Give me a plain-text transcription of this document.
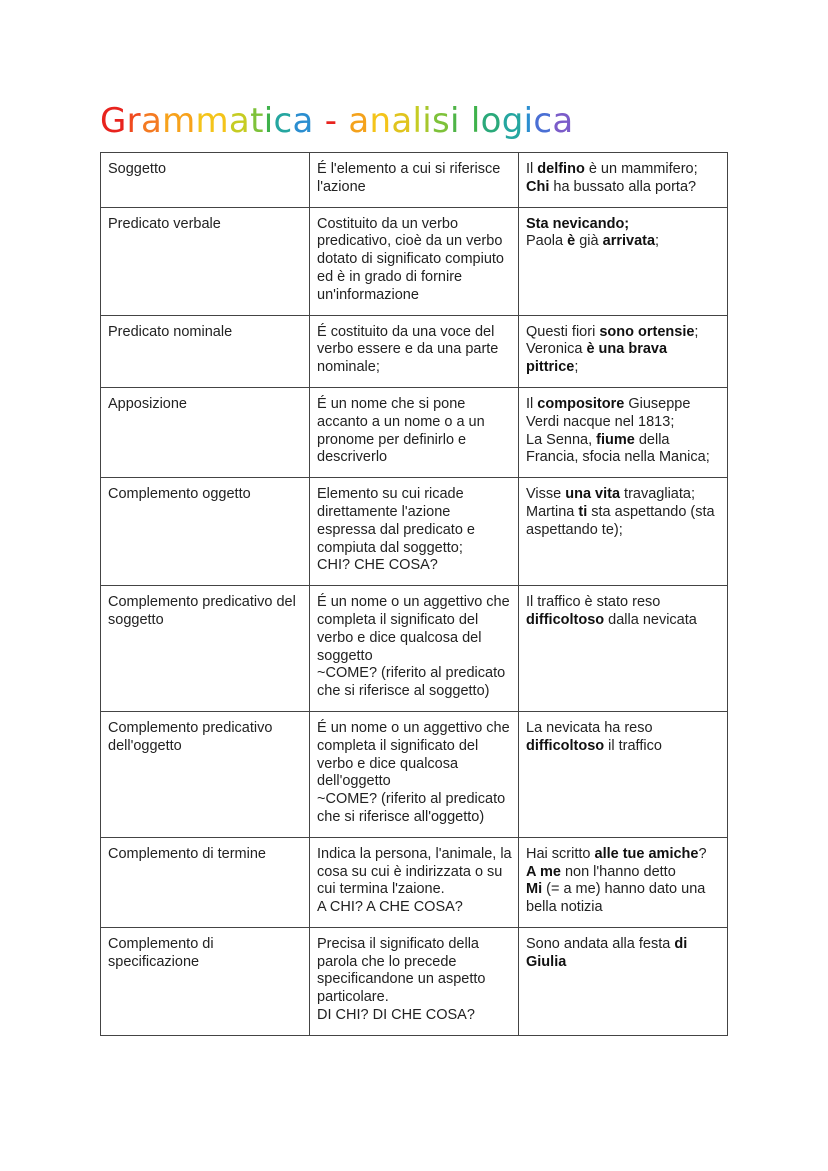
Grammatica - analisi logica
Soggetto	É l'elemento a cui si riferisce l'azione	Il delfino è un mammifero;
Chi ha bussato alla porta?

Predicato verbale	Costituito da un verbo predicativo, cioè da un verbo dotato di significato compiuto ed è in grado di fornire un'informazione	Sta nevicando;
Paola è già arrivata;

Predicato nominale	É costituito da una voce del verbo essere e da una parte nominale;	Questi fiori sono ortensie;
Veronica è una brava pittrice;

Apposizione	É un nome che si pone accanto a un nome o a un pronome per definirlo e descriverlo	Il compositore Giuseppe Verdi nacque nel 1813;
La Senna, fiume della Francia, sfocia nella Manica;

Complemento oggetto	Elemento su cui ricade direttamente l'azione espressa dal predicato e compiuta dal soggetto;
CHI? CHE COSA?	Visse una vita travagliata;
Martina ti sta aspettando (sta aspettando te);

Complemento predicativo del soggetto	É un nome o un aggettivo che completa il significato del verbo e dice qualcosa del soggetto
~COME? (riferito al predicato che si riferisce al soggetto)	Il traffico è stato reso difficoltoso dalla nevicata

Complemento predicativo dell'oggetto	É un nome o un aggettivo che completa il significato del verbo e dice qualcosa dell'oggetto
~COME? (riferito al predicato che si riferisce all'oggetto)	La nevicata ha reso difficoltoso il traffico

Complemento di termine	Indica la persona, l'animale, la cosa su cui è indirizzata o su cui termina l'zaione.
A CHI? A CHE COSA?	Hai scritto alle tue amiche?
A me non l'hanno detto
Mi (= a me) hanno dato una bella notizia

Complemento di specificazione	Precisa il significato della parola che lo precede specificandone un aspetto particolare.
DI CHI? DI CHE COSA?	Sono andata alla festa di Giulia
